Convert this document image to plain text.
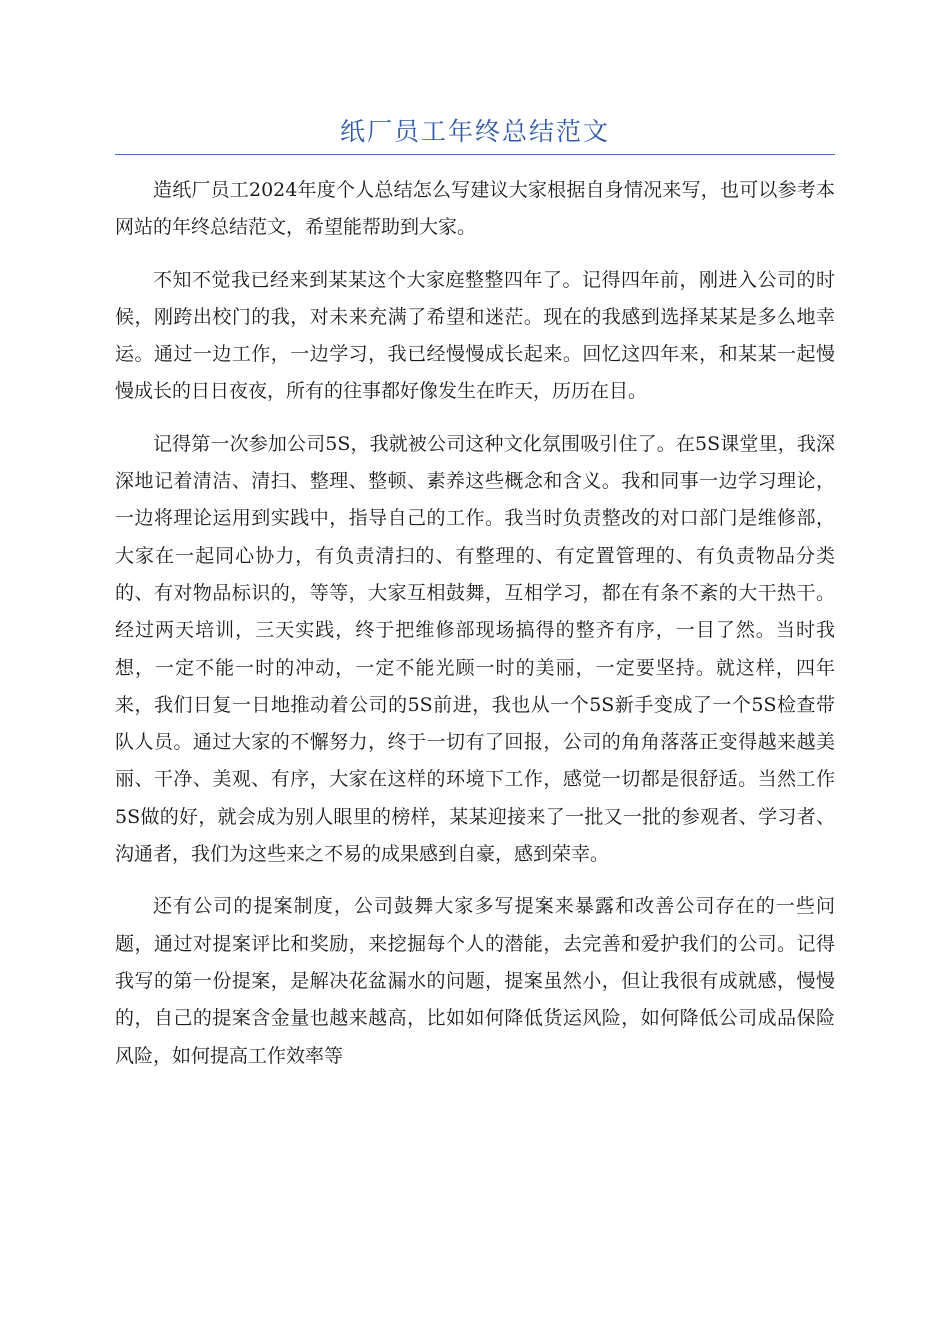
纸厂员工年终总结范文

造纸厂员工2024年度个人总结怎么写建议大家根据自身情况来写，也可以参考本网站的年终总结范文，希望能帮助到大家。

不知不觉我已经来到某某这个大家庭整整四年了。记得四年前，刚进入公司的时候，刚跨出校门的我，对未来充满了希望和迷茫。现在的我感到选择某某是多么地幸运。通过一边工作，一边学习，我已经慢慢成长起来。回忆这四年来，和某某一起慢慢成长的日日夜夜，所有的往事都好像发生在昨天，历历在目。

记得第一次参加公司5S，我就被公司这种文化氛围吸引住了。在5S课堂里，我深深地记着清洁、清扫、整理、整顿、素养这些概念和含义。我和同事一边学习理论，一边将理论运用到实践中，指导自己的工作。我当时负责整改的对口部门是维修部，大家在一起同心协力，有负责清扫的、有整理的、有定置管理的、有负责物品分类的、有对物品标识的，等等，大家互相鼓舞，互相学习，都在有条不紊的大干热干。经过两天培训，三天实践，终于把维修部现场搞得的整齐有序，一目了然。当时我想，一定不能一时的冲动，一定不能光顾一时的美丽，一定要坚持。就这样，四年来，我们日复一日地推动着公司的5S前进，我也从一个5S新手变成了一个5S检查带队人员。通过大家的不懈努力，终于一切有了回报，公司的角角落落正变得越来越美丽、干净、美观、有序，大家在这样的环境下工作，感觉一切都是很舒适。当然工作5S做的好，就会成为别人眼里的榜样，某某迎接来了一批又一批的参观者、学习者、沟通者，我们为这些来之不易的成果感到自豪，感到荣幸。

还有公司的提案制度，公司鼓舞大家多写提案来暴露和改善公司存在的一些问题，通过对提案评比和奖励，来挖掘每个人的潜能，去完善和爱护我们的公司。记得我写的第一份提案，是解决花盆漏水的问题，提案虽然小，但让我很有成就感，慢慢的，自己的提案含金量也越来越高，比如如何降低货运风险，如何降低公司成品保险风险，如何提高工作效率等
